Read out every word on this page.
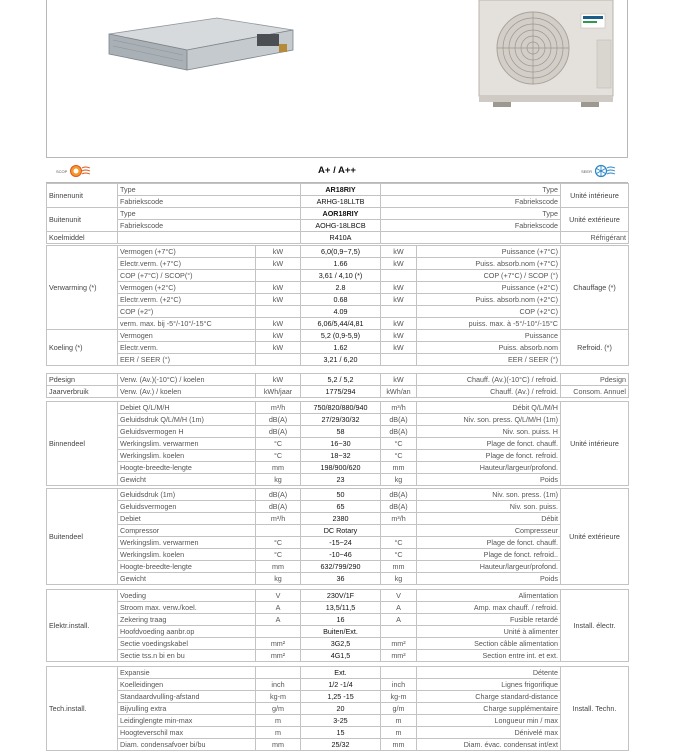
SCOP	A+ / A++	SEER
Binnenunit	Type	AR18RIY	Type	Unité intérieure
	Fabriekscode	ARHG-18LLTB	Fabriekscode	
Buitenunit	Type	AOR18RIY	Type	Unité extérieure
	Fabriekscode	AOHG-18LBCB	Fabriekscode	
Koelmiddel		R410A		Réfrigérant
Verwarming (*)	Vermogen (+7°C)	kW	6,0(0,9~7,5)	kW	Puissance (+7°C)	Chauffage (*)
	Electr.verm. (+7°C)	kW	1.66	kW	Puiss. absorb.nom (+7°C)	
	COP (+7°C) / SCOP(°)		3,61 / 4,10 (*)		COP (+7°C) / SCOP (°)	
	Vermogen (+2°C)	kW	2.8	kW	Puissance (+2°C)	
	Electr.verm. (+2°C)	kW	0.68	kW	Puiss. absorb.nom (+2°C)	
	COP (+2°)		4.09		COP (+2°C)	
	verm. max. bij -5°/-10°/-15°C	kW	6,06/5,44/4,81	kW	puiss. max. à -5°/-10°/-15°C	
Koeling (*)	Vermogen	kW	5,2 (0,9-5,9)	kW	Puissance	Refroid. (*)
	Electr.verm.	kW	1.62	kW	Puiss. absorb.nom	
	EER / SEER (°)		3,21 / 6,20		EER / SEER (°)	
Pdesign	Verw. (Av.)(-10°C) / koelen	kW	5,2 / 5,2	kW	Chauff. (Av.)(-10°C) / refroid.	Pdesign
Jaarverbruik	Verw. (Av.) / koelen	kWh/jaar	1775/294	kWh/an	Chauff. (Av.) / refroid.	Consom. Annuel
Binnendeel	Debiet Q/L/M/H	m³/h	750/820/880/940	m³/h	Débit Q/L/M/H	Unité intérieure
	Geluidsdruk Q/L/M/H (1m)	dB(A)	27/29/30/32	dB(A)	Niv. son. press. Q/L/M/H (1m)	
	Geluidsvermogen H	dB(A)	58	dB(A)	Niv. son. puiss. H	
	Werkingslim. verwarmen	°C	16~30	°C	Plage de fonct. chauff.	
	Werkingslim. koelen	°C	18~32	°C	Plage de fonct. refroid.	
	Hoogte-breedte-lengte	mm	198/900/620	mm	Hauteur/largeur/profond.	
	Gewicht	kg	23	kg	Poids	
Buitendeel	Geluidsdruk (1m)	dB(A)	50	dB(A)	Niv. son. press. (1m)	Unité extérieure
	Geluidsvermogen	dB(A)	65	dB(A)	Niv. son. puiss.	
	Debiet	m³/h	2380	m³/h	Débit	
	Compressor		DC Rotary		Compresseur	
	Werkingslim. verwarmen	°C	-15~24	°C	Plage de fonct. chauff.	
	Werkingslim. koelen	°C	-10~46	°C	Plage de fonct. refroid..	
	Hoogte-breedte-lengte	mm	632/799/290	mm	Hauteur/largeur/profond.	
	Gewicht	kg	36	kg	Poids	
Elektr.install.	Voeding	V	230V/1F	V	Alimentation	Install. électr.
	Stroom max. verw./koel.	A	13,5/11,5	A	Amp. max chauff. / refroid.	
	Zekering traag	A	16	A	Fusible retardé	
	Hoofdvoeding aanbr.op		Buiten/Ext.		Unité à alimenter	
	Sectie voedingskabel	mm²	3G2,5	mm²	Section câble alimentation	
	Sectie tss.n bi en bu	mm²	4G1,5	mm²	Section entre int. et ext.	
Tech.install.	Expansie		Ext.		Détente	Install. Techn.
	Koelleidingen	inch	1/2 -1/4	inch	Lignes frigorifique	
	Standaardvulling-afstand	kg-m	1,25 -15	kg-m	Charge standard-distance	
	Bijvulling extra	g/m	20	g/m	Charge supplémentaire	
	Leidinglengte min-max	m	3-25	m	Longueur min / max	
	Hoogteverschil max	m	15	m	Dénivelé max	
	Diam. condensafvoer bi/bu	mm	25/32	mm	Diam. évac. condensat int/ext	
